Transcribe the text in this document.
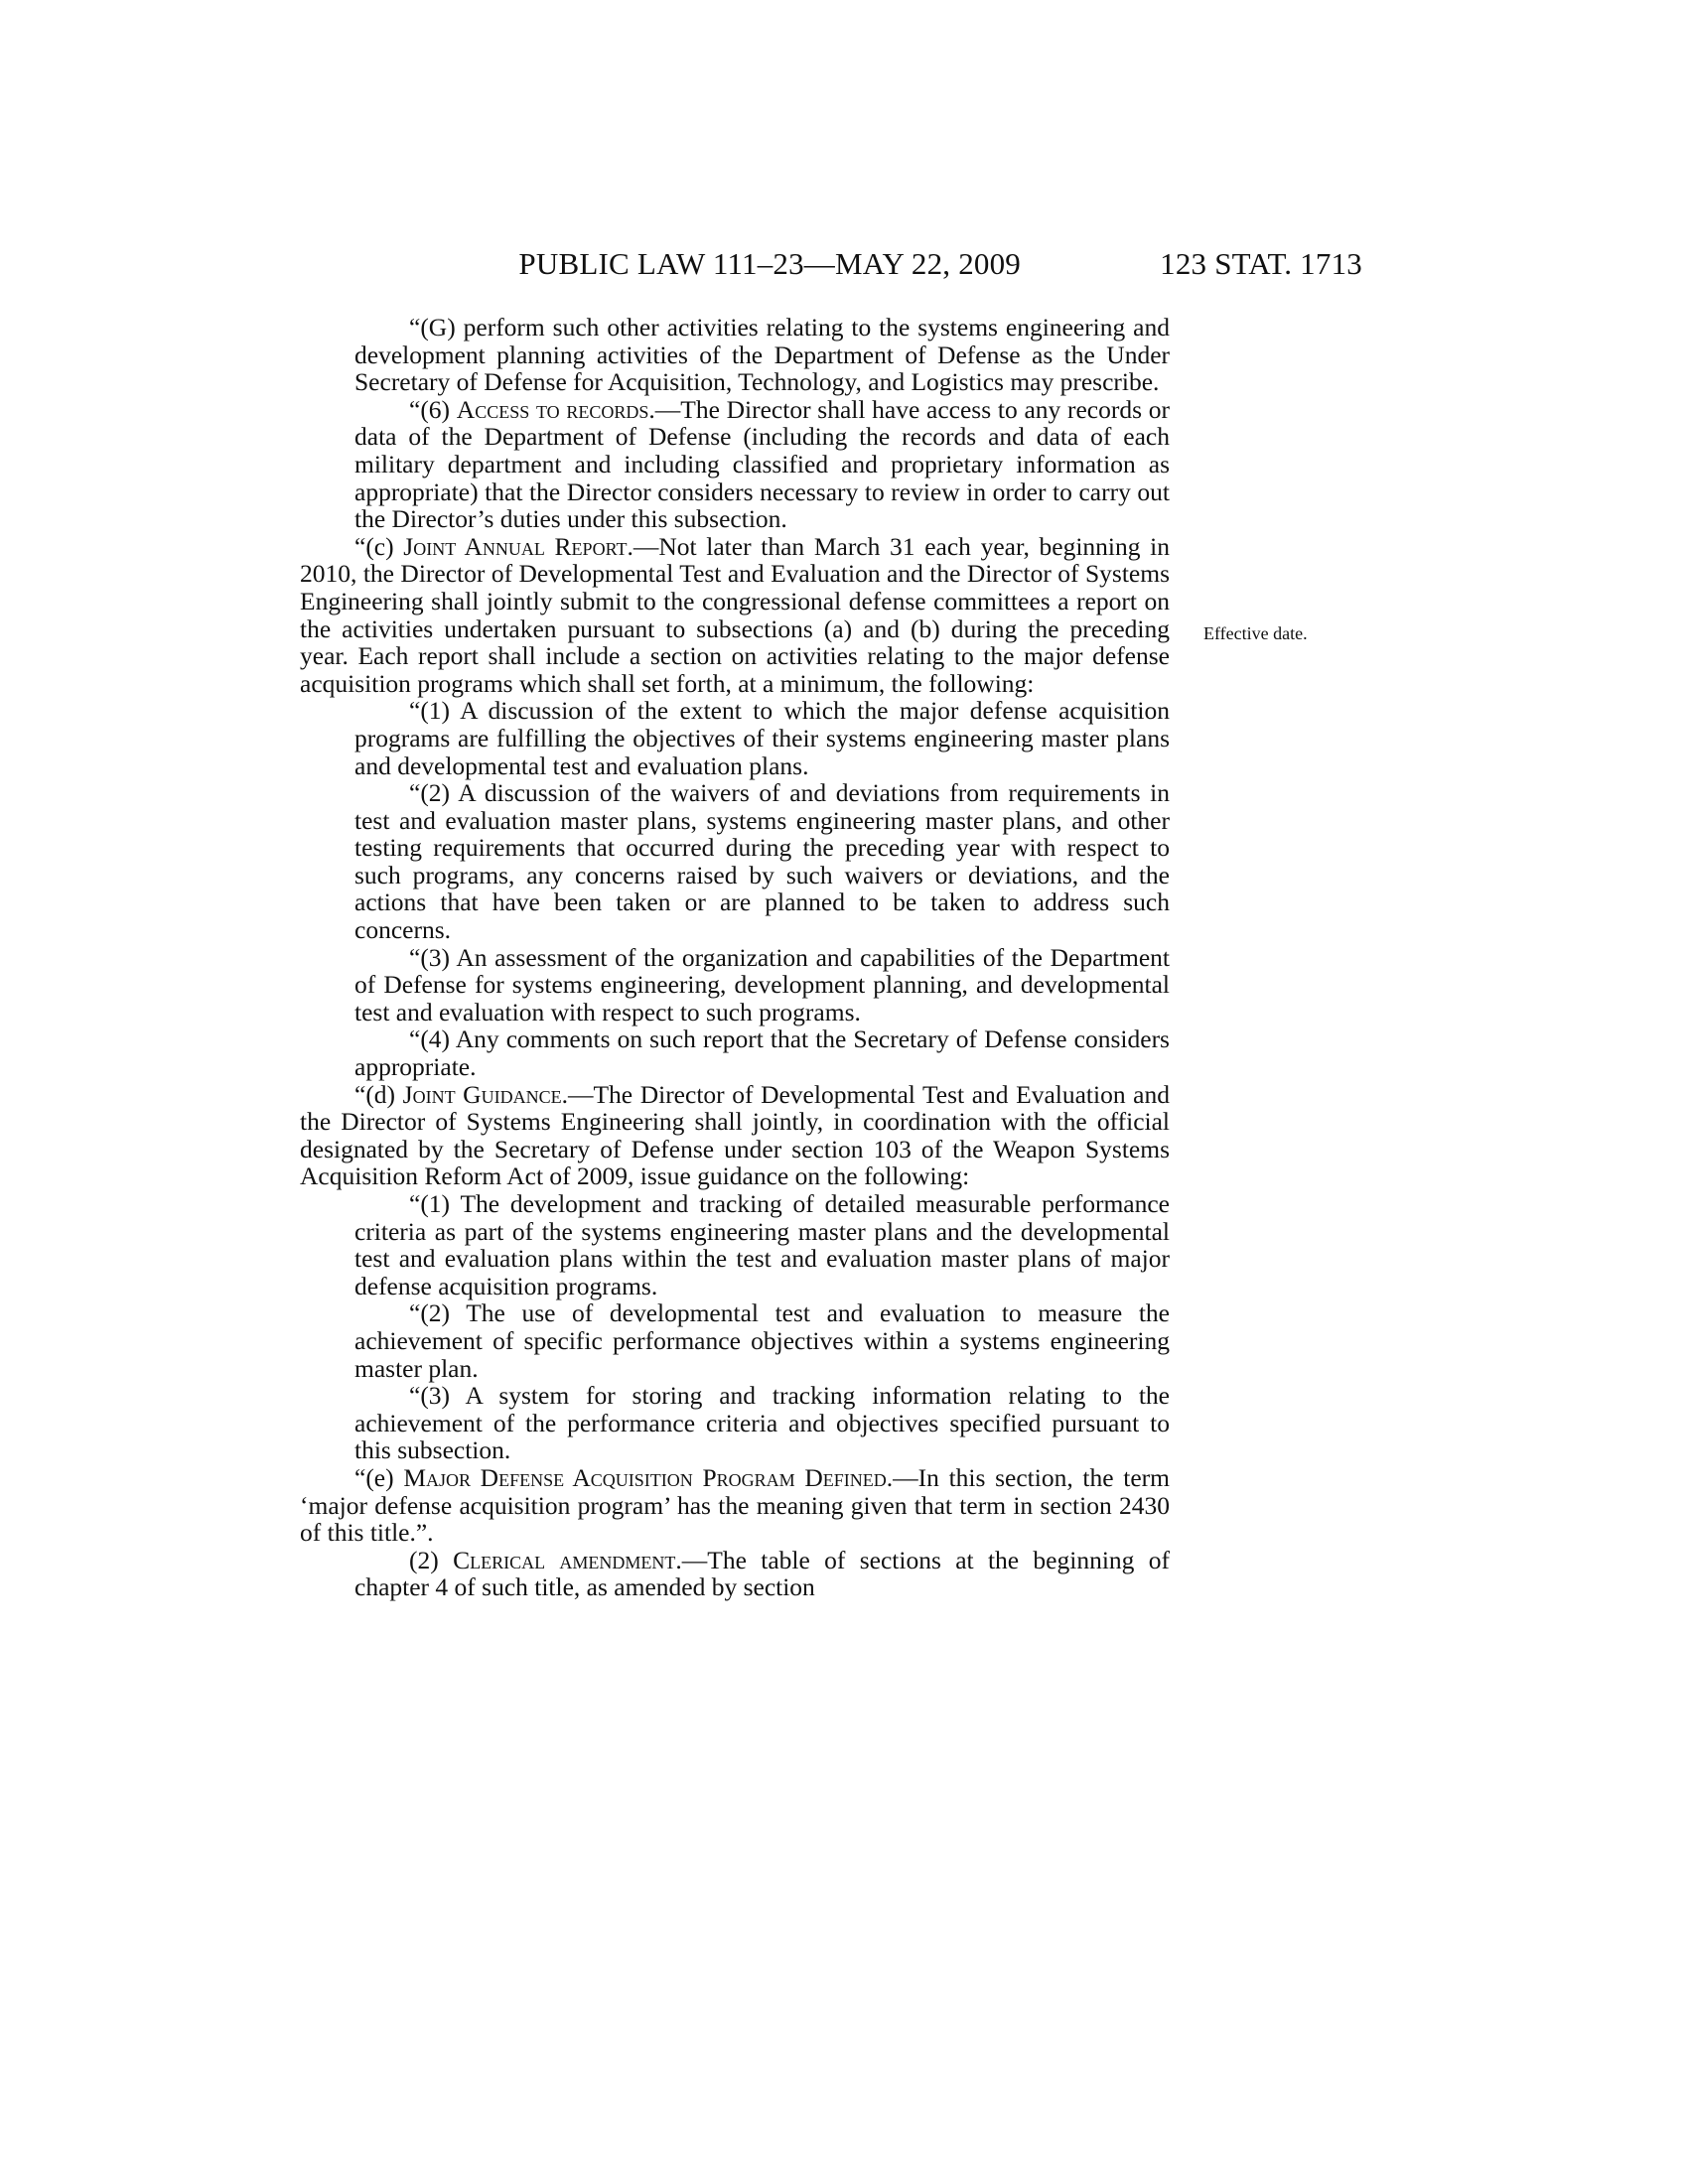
PUBLIC LAW 111–23—MAY 22, 2009	123 STAT. 1713
Effective date.

“(G) perform such other activities relating to the systems engineering and development planning activities of the Department of Defense as the Under Secretary of Defense for Acquisition, Technology, and Logistics may prescribe.

“(6) Access to records.—The Director shall have access to any records or data of the Department of Defense (including the records and data of each military department and including classified and proprietary information as appropriate) that the Director considers necessary to review in order to carry out the Director’s duties under this subsection.

“(c) Joint Annual Report.—Not later than March 31 each year, beginning in 2010, the Director of Developmental Test and Evaluation and the Director of Systems Engineering shall jointly submit to the congressional defense committees a report on the activities undertaken pursuant to subsections (a) and (b) during the preceding year. Each report shall include a section on activities relating to the major defense acquisition programs which shall set forth, at a minimum, the following:

“(1) A discussion of the extent to which the major defense acquisition programs are fulfilling the objectives of their systems engineering master plans and developmental test and evaluation plans.

“(2) A discussion of the waivers of and deviations from requirements in test and evaluation master plans, systems engineering master plans, and other testing requirements that occurred during the preceding year with respect to such programs, any concerns raised by such waivers or deviations, and the actions that have been taken or are planned to be taken to address such concerns.

“(3) An assessment of the organization and capabilities of the Department of Defense for systems engineering, development planning, and developmental test and evaluation with respect to such programs.

“(4) Any comments on such report that the Secretary of Defense considers appropriate.

“(d) Joint Guidance.—The Director of Developmental Test and Evaluation and the Director of Systems Engineering shall jointly, in coordination with the official designated by the Secretary of Defense under section 103 of the Weapon Systems Acquisition Reform Act of 2009, issue guidance on the following:

“(1) The development and tracking of detailed measurable performance criteria as part of the systems engineering master plans and the developmental test and evaluation plans within the test and evaluation master plans of major defense acquisition programs.

“(2) The use of developmental test and evaluation to measure the achievement of specific performance objectives within a systems engineering master plan.

“(3) A system for storing and tracking information relating to the achievement of the performance criteria and objectives specified pursuant to this subsection.

“(e) Major Defense Acquisition Program Defined.—In this section, the term ‘major defense acquisition program’ has the meaning given that term in section 2430 of this title.”.

(2) Clerical amendment.—The table of sections at the beginning of chapter 4 of such title, as amended by section
